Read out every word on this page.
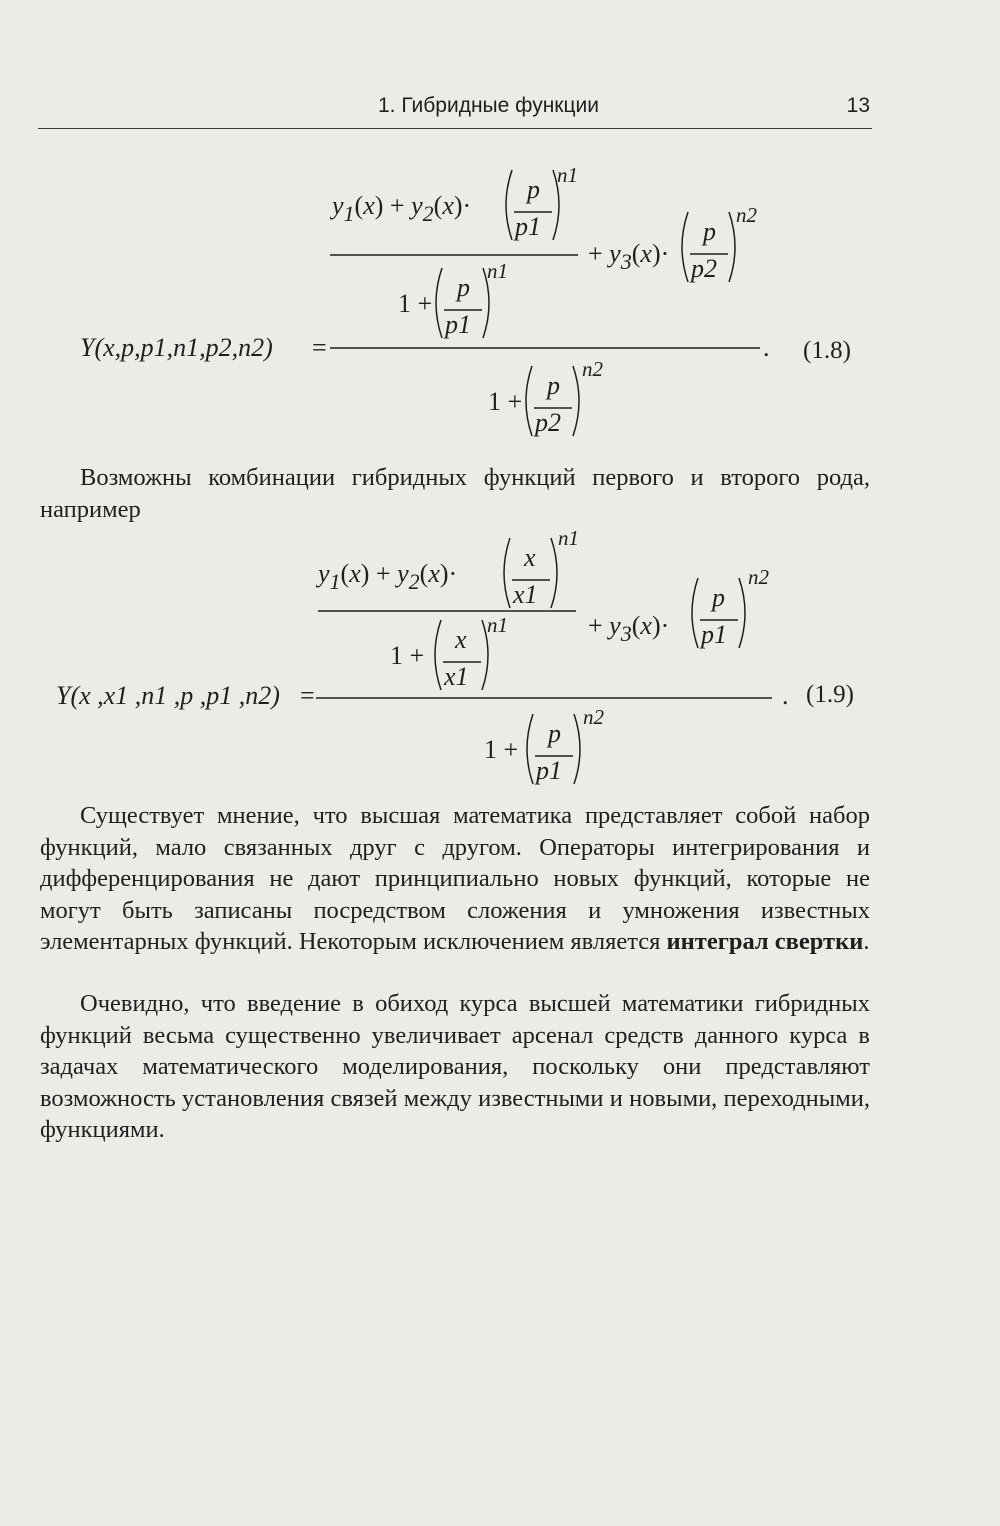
1. Гибридные функции	13
$y_1(x) + y_2(x)\cdot$
p
p1
n1
1 +
p
p1
n1
+ $y_3(x)\cdot$
p
p2
n2
Y(x,p,p1,n1,p2,n2) =	.
1 +
p
p2
n2
(1.8)

Возможны комбинации гибридных функций первого и второго рода, например

$y_1(x) + y_2(x)\cdot$
x
x1
n1
1 +
x
x1
n1	+ $y_3(x)\cdot$
p
p1
n2
Y(x ,x1 ,n1 ,p ,p1 ,n2) =	.
1 +
p
p1
n2
(1.9)

Существует мнение, что высшая математика представляет собой набор функций, мало связанных друг с другом. Операторы интегрирования и дифференцирования не дают принципиально новых функций, которые не могут быть записаны посредством сложения и умножения известных элементарных функций. Некоторым исключением является интеграл свертки.

Очевидно, что введение в обиход курса высшей математики гибридных функций весьма существенно увеличивает арсенал средств данного курса в задачах математического моделирования, поскольку они представляют возможность установления связей между известными и новыми, переходными, функциями.
